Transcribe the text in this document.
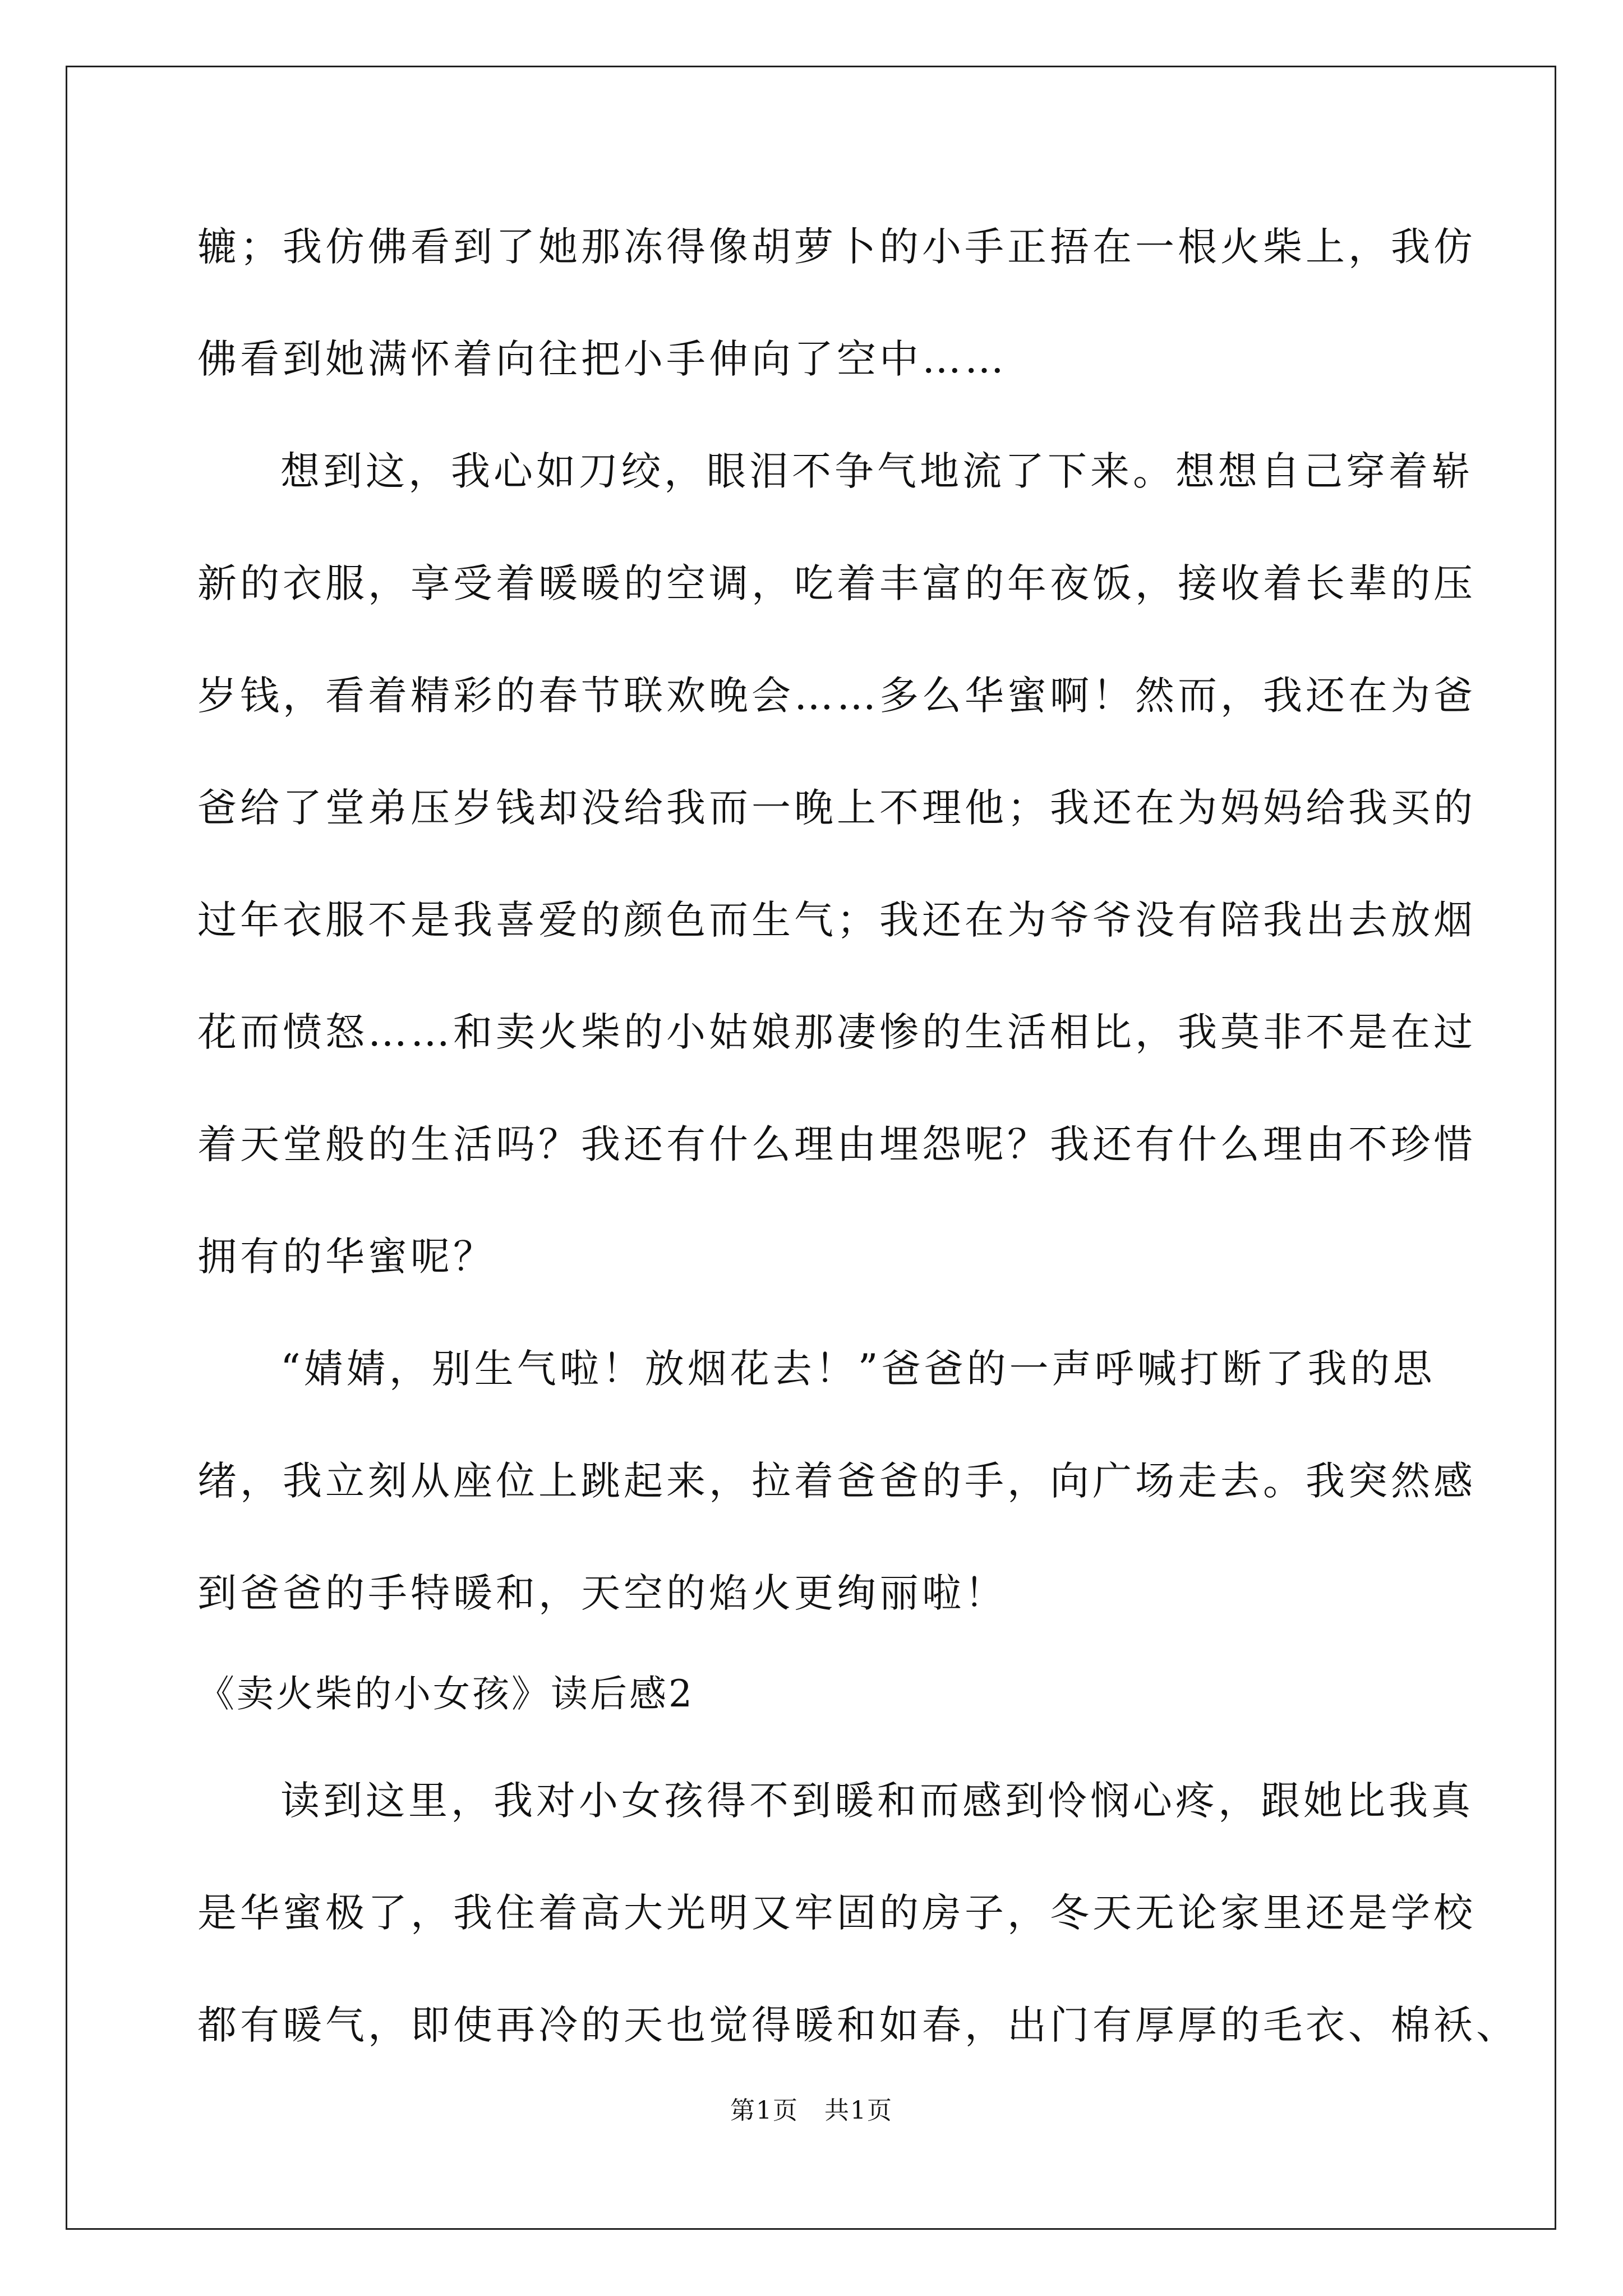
辘；我仿佛看到了她那冻得像胡萝卜的小手正捂在一根火柴上，我仿
佛看到她满怀着向往把小手伸向了空中……
想到这，我心如刀绞，眼泪不争气地流了下来。想想自己穿着崭
新的衣服，享受着暖暖的空调，吃着丰富的年夜饭，接收着长辈的压
岁钱，看着精彩的春节联欢晚会……多么华蜜啊！然而，我还在为爸
爸给了堂弟压岁钱却没给我而一晚上不理他；我还在为妈妈给我买的
过年衣服不是我喜爱的颜色而生气；我还在为爷爷没有陪我出去放烟
花而愤怒……和卖火柴的小姑娘那凄惨的生活相比，我莫非不是在过
着天堂般的生活吗？我还有什么理由埋怨呢？我还有什么理由不珍惜
拥有的华蜜呢？
“婧婧，别生气啦！放烟花去！”爸爸的一声呼喊打断了我的思
绪，我立刻从座位上跳起来，拉着爸爸的手，向广场走去。我突然感
到爸爸的手特暖和，天空的焰火更绚丽啦！
《卖火柴的小女孩》读后感2
读到这里，我对小女孩得不到暖和而感到怜悯心疼，跟她比我真
是华蜜极了，我住着高大光明又牢固的房子，冬天无论家里还是学校
都有暖气，即使再冷的天也觉得暖和如春，出门有厚厚的毛衣、棉袄、
第1页　共1页
